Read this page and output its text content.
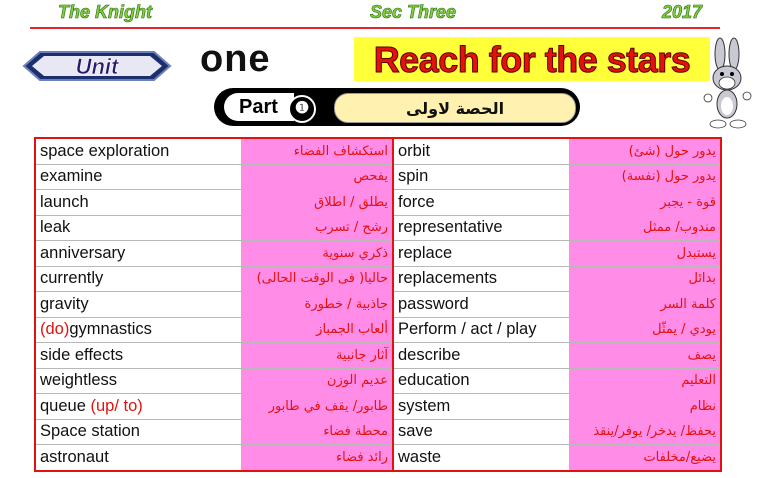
The Knight	Sec Three	2017
Unit one	Reach for the stars
Part	❶	الحصة لاولى
space exploration	استكشاف الفضاء	orbit	يدور حول (شئ)
examine	يفحص	spin	يدور حول (نفسة)
launch	يطلق / اطلاق	force	قوة - يجبر
leak	رشح / تسرب	representative	مندوب/ ممثل
anniversary	ذكري سنوية	replace	يستبدل
currently	حاليا( فى الوقت الحالى)	replacements	بدائل
gravity	جاذبية / خطورة	password	كلمة السر
(do)gymnastics	ألعاب الجمباز	Perform / act / play	يودي / يمثّل
side effects	آثار جانبية	describe	يصف
weightless	عديم الوزن	education	التعليم
queue (up/ to)	طابور/ يقف في طابور	system	نظام
Space station	محطة فضاء	save	يحفظ/ يدخر/ يوفر/ينقذ
astronaut	رائد فضاء	waste	يضيع/مخلفات
